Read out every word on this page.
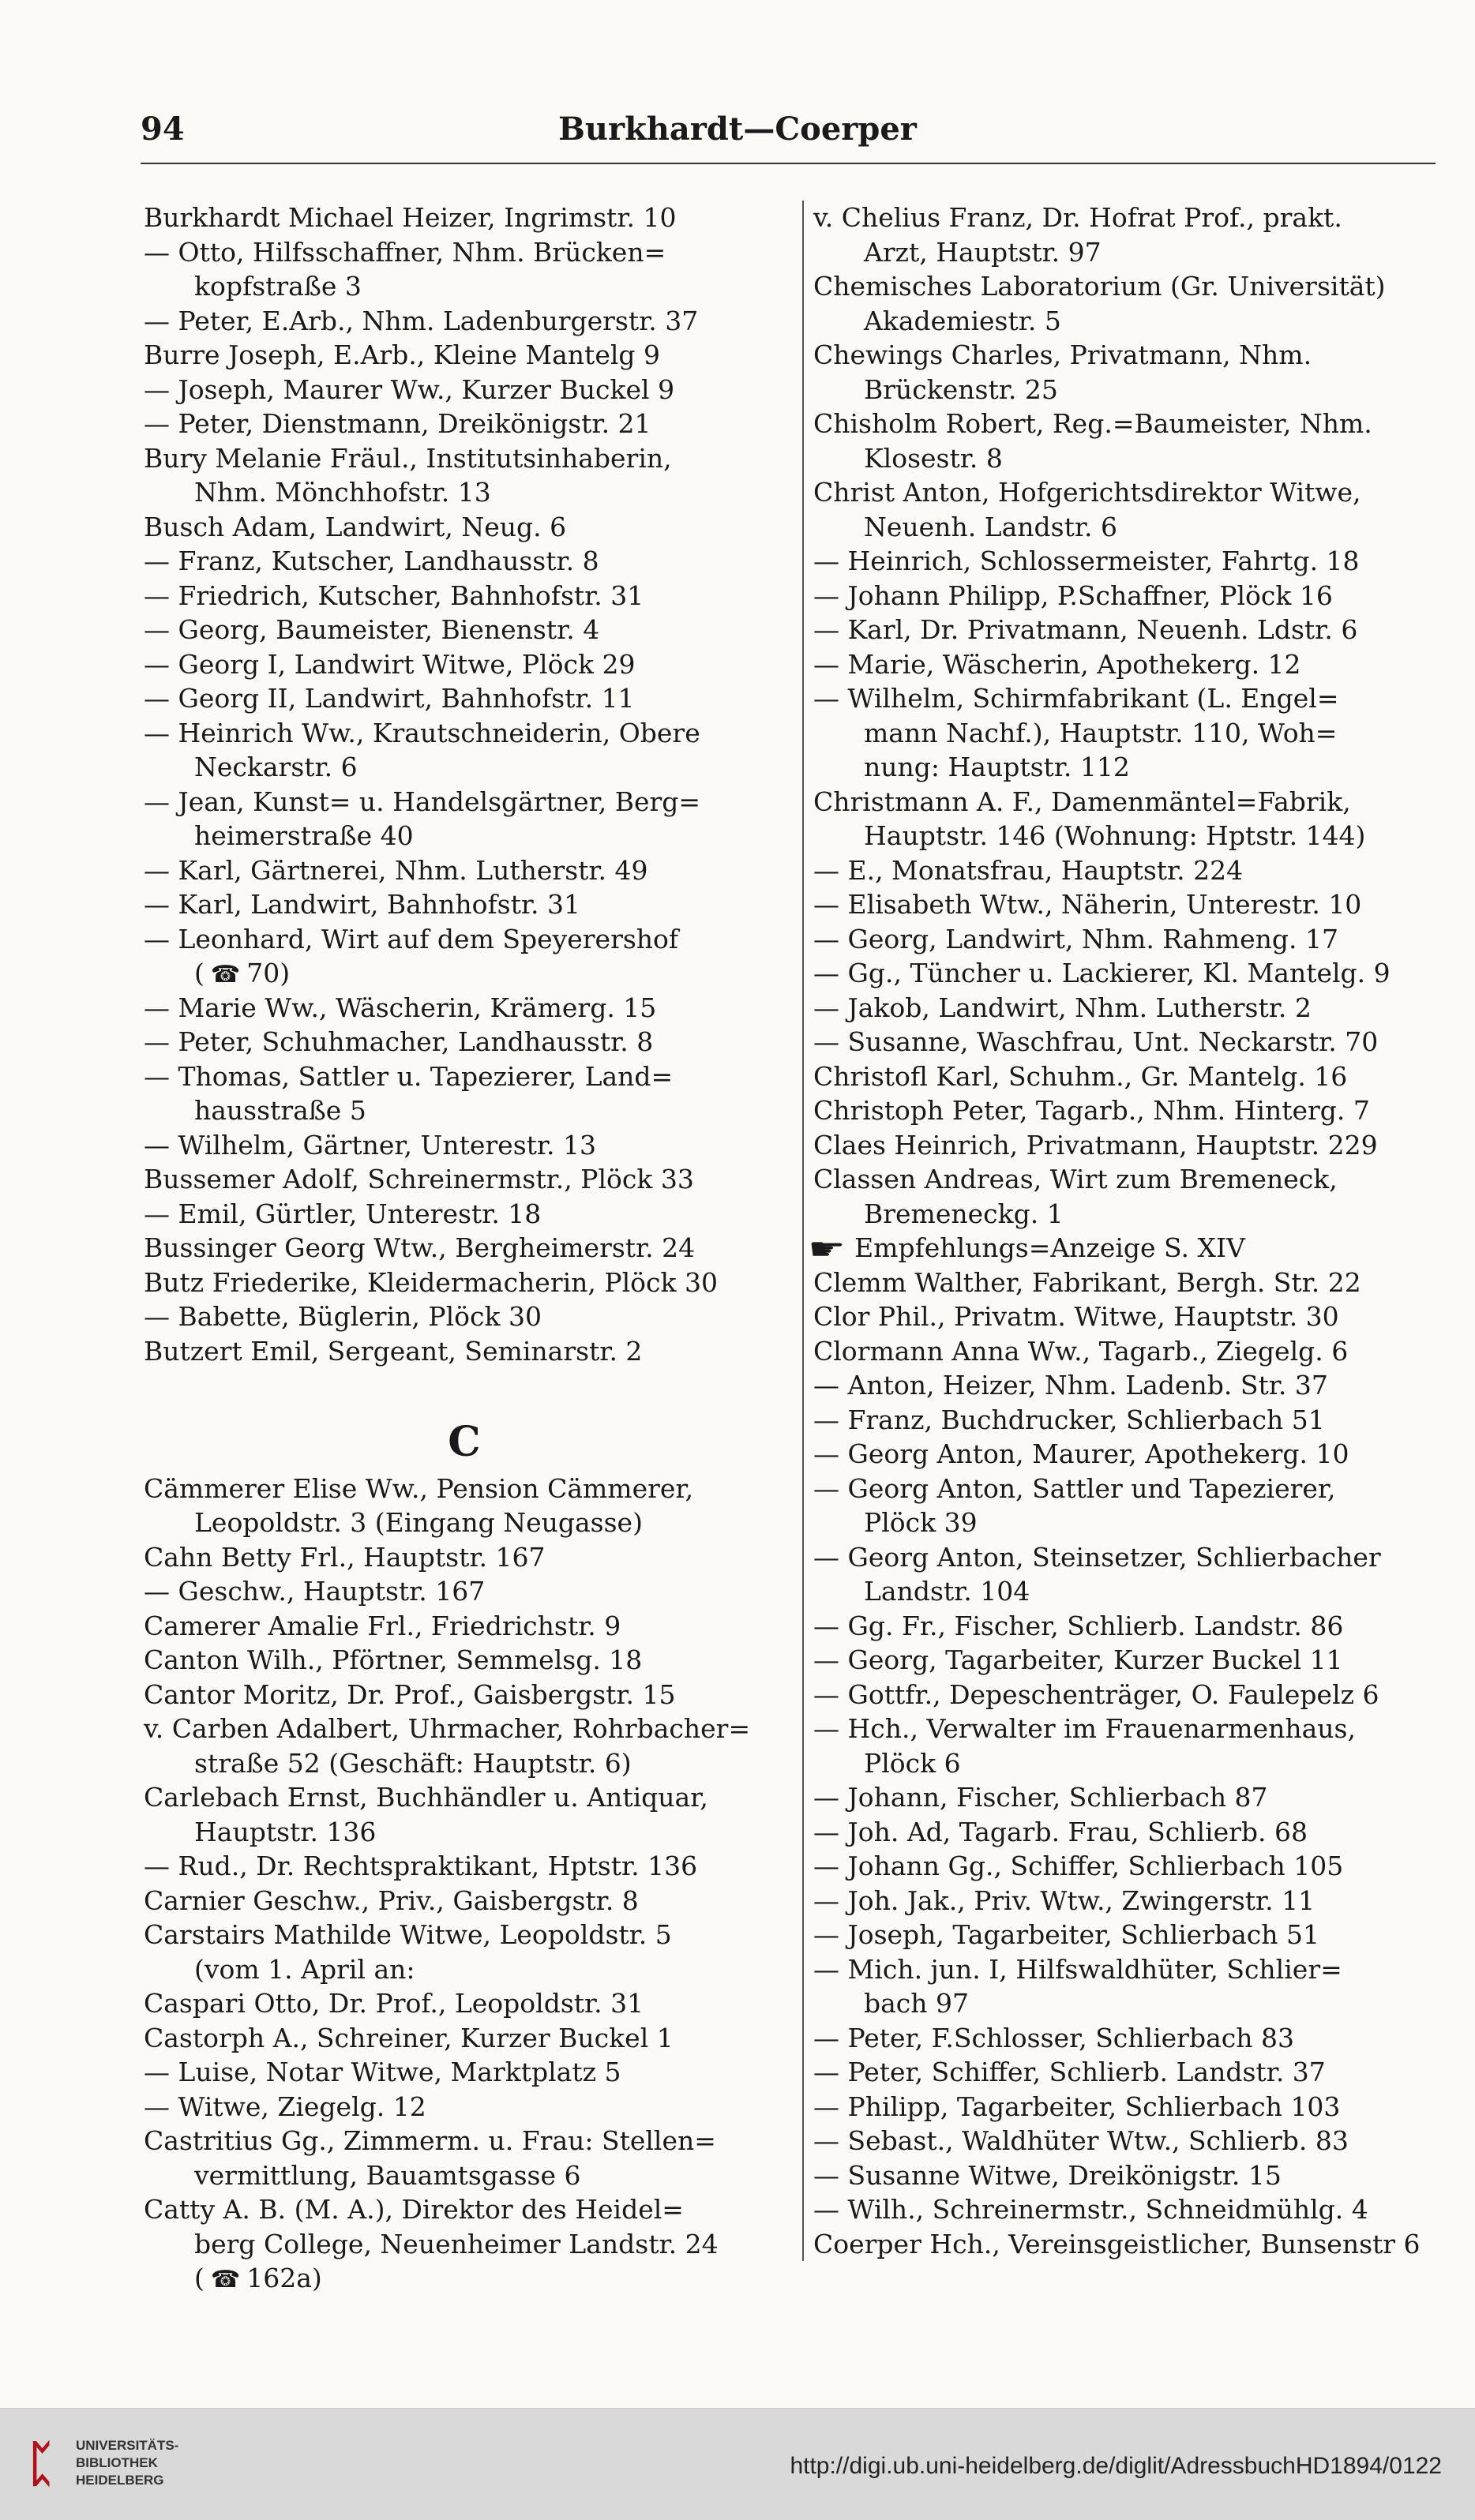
94	Burkhardt—Coerper
Burkhardt Michael Heizer, Ingrimstr. 10
— Otto, Hilfsschaffner, Nhm. Brücken=
kopfstraße 3
— Peter, E.Arb., Nhm. Ladenburgerstr. 37
Burre Joseph, E.Arb., Kleine Mantelg 9
— Joseph, Maurer Ww., Kurzer Buckel 9
— Peter, Dienstmann, Dreikönigstr. 21
Bury Melanie Fräul., Institutsinhaberin,
Nhm. Mönchhofstr. 13
Busch Adam, Landwirt, Neug. 6
— Franz, Kutscher, Landhausstr. 8
— Friedrich, Kutscher, Bahnhofstr. 31
— Georg, Baumeister, Bienenstr. 4
— Georg I, Landwirt Witwe, Plöck 29
— Georg II, Landwirt, Bahnhofstr. 11
— Heinrich Ww., Krautschneiderin, Obere
Neckarstr. 6
— Jean, Kunst= u. Handelsgärtner, Berg=
heimerstraße 40
— Karl, Gärtnerei, Nhm. Lutherstr. 49
— Karl, Landwirt, Bahnhofstr. 31
— Leonhard, Wirt auf dem Speyerershof
( ☎ 70)
— Marie Ww., Wäscherin, Krämerg. 15
— Peter, Schuhmacher, Landhausstr. 8
— Thomas, Sattler u. Tapezierer, Land=
hausstraße 5
— Wilhelm, Gärtner, Unterestr. 13
Bussemer Adolf, Schreinermstr., Plöck 33
— Emil, Gürtler, Unterestr. 18
Bussinger Georg Wtw., Bergheimerstr. 24
Butz Friederike, Kleidermacherin, Plöck 30
— Babette, Büglerin, Plöck 30
Butzert Emil, Sergeant, Seminarstr. 2
C
Cämmerer Elise Ww., Pension Cämmerer,
Leopoldstr. 3 (Eingang Neugasse)
Cahn Betty Frl., Hauptstr. 167
— Geschw., Hauptstr. 167
Camerer Amalie Frl., Friedrichstr. 9
Canton Wilh., Pförtner, Semmelsg. 18
Cantor Moritz, Dr. Prof., Gaisbergstr. 15
v. Carben Adalbert, Uhrmacher, Rohrbacher=
straße 52 (Geschäft: Hauptstr. 6)
Carlebach Ernst, Buchhändler u. Antiquar,
Hauptstr. 136
— Rud., Dr. Rechtspraktikant, Hptstr. 136
Carnier Geschw., Priv., Gaisbergstr. 8
Carstairs Mathilde Witwe, Leopoldstr. 5
(vom 1. April an:
Caspari Otto, Dr. Prof., Leopoldstr. 31
Castorph A., Schreiner, Kurzer Buckel 1
— Luise, Notar Witwe, Marktplatz 5
— Witwe, Ziegelg. 12
Castritius Gg., Zimmerm. u. Frau: Stellen=
vermittlung, Bauamtsgasse 6
Catty A. B. (M. A.), Direktor des Heidel=
berg College, Neuenheimer Landstr. 24
( ☎ 162a)
v. Chelius Franz, Dr. Hofrat Prof., prakt.
Arzt, Hauptstr. 97
Chemisches Laboratorium (Gr. Universität)
Akademiestr. 5
Chewings Charles, Privatmann, Nhm.
Brückenstr. 25
Chisholm Robert, Reg.=Baumeister, Nhm.
Klosestr. 8
Christ Anton, Hofgerichtsdirektor Witwe,
Neuenh. Landstr. 6
— Heinrich, Schlossermeister, Fahrtg. 18
— Johann Philipp, P.Schaffner, Plöck 16
— Karl, Dr. Privatmann, Neuenh. Ldstr. 6
— Marie, Wäscherin, Apothekerg. 12
— Wilhelm, Schirmfabrikant (L. Engel=
mann Nachf.), Hauptstr. 110, Woh=
nung: Hauptstr. 112
Christmann A. F., Damenmäntel=Fabrik,
Hauptstr. 146 (Wohnung: Hptstr. 144)
— E., Monatsfrau, Hauptstr. 224
— Elisabeth Wtw., Näherin, Unterestr. 10
— Georg, Landwirt, Nhm. Rahmeng. 17
— Gg., Tüncher u. Lackierer, Kl. Mantelg. 9
— Jakob, Landwirt, Nhm. Lutherstr. 2
— Susanne, Waschfrau, Unt. Neckarstr. 70
Christofl Karl, Schuhm., Gr. Mantelg. 16
Christoph Peter, Tagarb., Nhm. Hinterg. 7
Claes Heinrich, Privatmann, Hauptstr. 229
Classen Andreas, Wirt zum Bremeneck,
Bremeneckg. 1
☛ Empfehlungs=Anzeige S. XIV
Clemm Walther, Fabrikant, Bergh. Str. 22
Clor Phil., Privatm. Witwe, Hauptstr. 30
Clormann Anna Ww., Tagarb., Ziegelg. 6
— Anton, Heizer, Nhm. Ladenb. Str. 37
— Franz, Buchdrucker, Schlierbach 51
— Georg Anton, Maurer, Apothekerg. 10
— Georg Anton, Sattler und Tapezierer,
Plöck 39
— Georg Anton, Steinsetzer, Schlierbacher
Landstr. 104
— Gg. Fr., Fischer, Schlierb. Landstr. 86
— Georg, Tagarbeiter, Kurzer Buckel 11
— Gottfr., Depeschenträger, O. Faulepelz 6
— Hch., Verwalter im Frauenarmenhaus,
Plöck 6
— Johann, Fischer, Schlierbach 87
— Joh. Ad, Tagarb. Frau, Schlierb. 68
— Johann Gg., Schiffer, Schlierbach 105
— Joh. Jak., Priv. Wtw., Zwingerstr. 11
— Joseph, Tagarbeiter, Schlierbach 51
— Mich. jun. I, Hilfswaldhüter, Schlier=
bach 97
— Peter, F.Schlosser, Schlierbach 83
— Peter, Schiffer, Schlierb. Landstr. 37
— Philipp, Tagarbeiter, Schlierbach 103
— Sebast., Waldhüter Wtw., Schlierb. 83
— Susanne Witwe, Dreikönigstr. 15
— Wilh., Schreinermstr., Schneidmühlg. 4
Coerper Hch., Vereinsgeistlicher, Bunsenstr 6
ᛈ	UNIVERSITÄTS-
BIBLIOTHEK
HEIDELBERG
http://digi.ub.uni-heidelberg.de/diglit/AdressbuchHD1894/0122
